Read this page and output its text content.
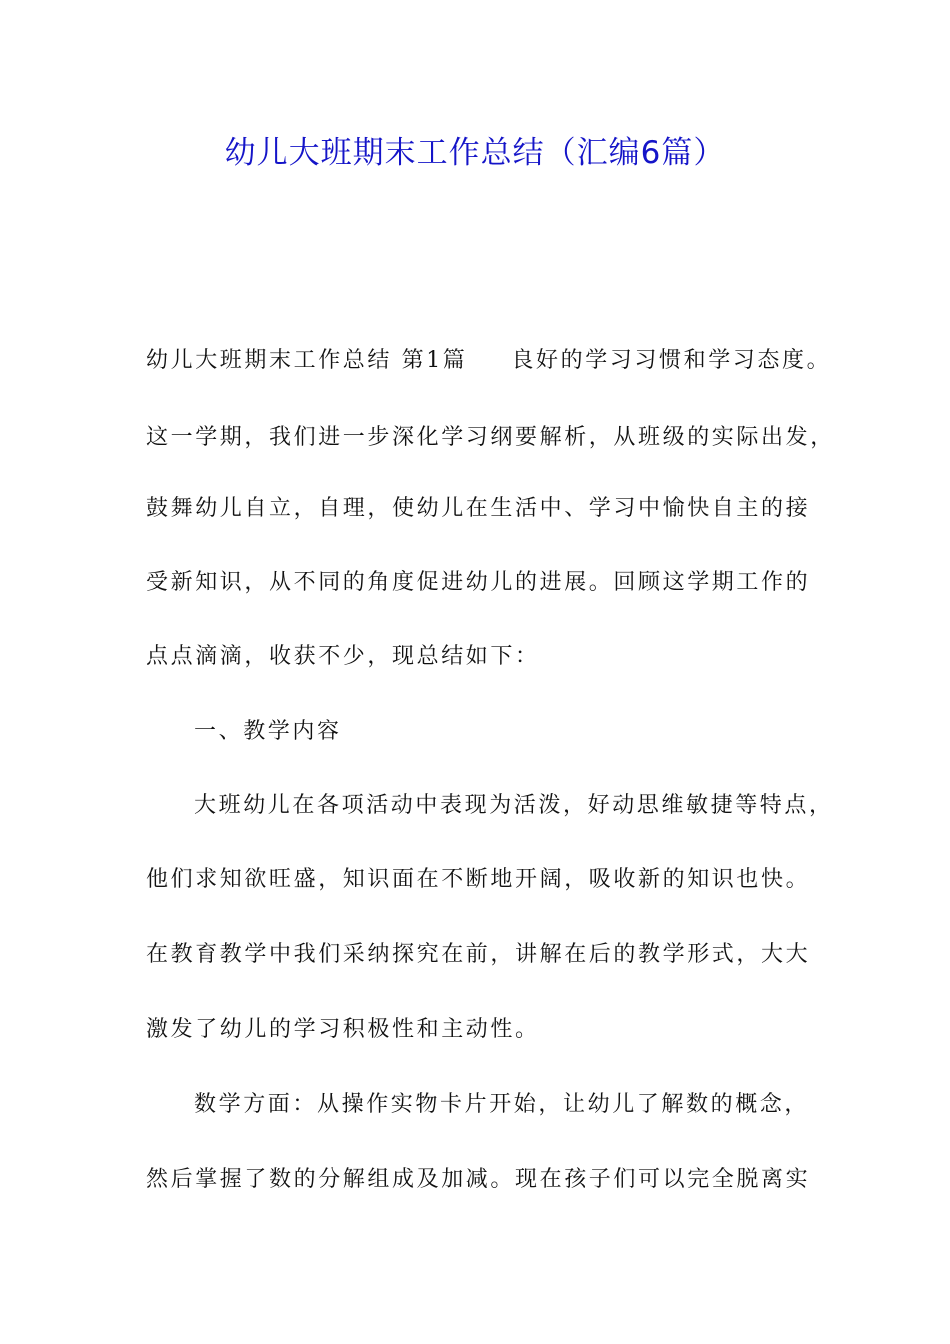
幼儿大班期末工作总结（汇编6篇）
幼儿大班期末工作总结 第1篇 良好的学习习惯和学习态度。
这一学期，我们进一步深化学习纲要解析，从班级的实际出发，
鼓舞幼儿自立，自理，使幼儿在生活中、学习中愉快自主的接
受新知识，从不同的角度促进幼儿的进展。回顾这学期工作的
点点滴滴，收获不少，现总结如下：
一、教学内容
大班幼儿在各项活动中表现为活泼，好动思维敏捷等特点，
他们求知欲旺盛，知识面在不断地开阔，吸收新的知识也快。
在教育教学中我们采纳探究在前，讲解在后的教学形式，大大
激发了幼儿的学习积极性和主动性。
数学方面：从操作实物卡片开始，让幼儿了解数的概念，
然后掌握了数的分解组成及加减。现在孩子们可以完全脱离实
